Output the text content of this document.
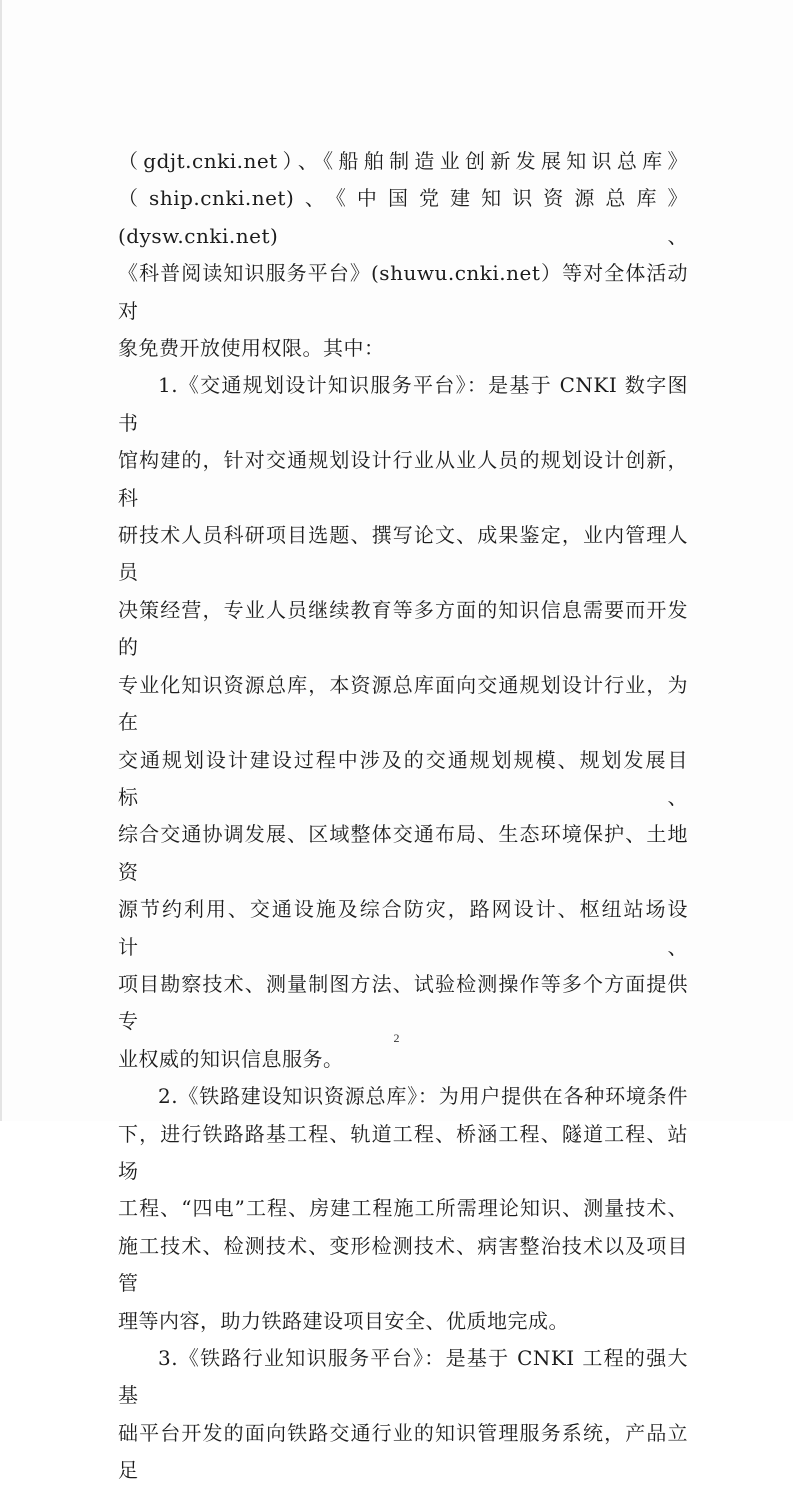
（gdjt.cnki.net）、《船舶制造业创新发展知识总库》

（ship.cnki.net)、《中国党建知识资源总库》(dysw.cnki.net)、

《科普阅读知识服务平台》(shuwu.cnki.net）等对全体活动对

象免费开放使用权限。其中：

1.《交通规划设计知识服务平台》：是基于 CNKI 数字图书

馆构建的，针对交通规划设计行业从业人员的规划设计创新，科

研技术人员科研项目选题、撰写论文、成果鉴定，业内管理人员

决策经营，专业人员继续教育等多方面的知识信息需要而开发的

专业化知识资源总库，本资源总库面向交通规划设计行业，为在

交通规划设计建设过程中涉及的交通规划规模、规划发展目标、

综合交通协调发展、区域整体交通布局、生态环境保护、土地资

源节约利用、交通设施及综合防灾，路网设计、枢纽站场设计、

项目勘察技术、测量制图方法、试验检测操作等多个方面提供专

业权威的知识信息服务。

2.《铁路建设知识资源总库》：为用户提供在各种环境条件

下，进行铁路路基工程、轨道工程、桥涵工程、隧道工程、站场

工程、“四电”工程、房建工程施工所需理论知识、测量技术、

施工技术、检测技术、变形检测技术、病害整治技术以及项目管

理等内容，助力铁路建设项目安全、优质地完成。

3.《铁路行业知识服务平台》：是基于 CNKI 工程的强大基

础平台开发的面向铁路交通行业的知识管理服务系统，产品立足

2
